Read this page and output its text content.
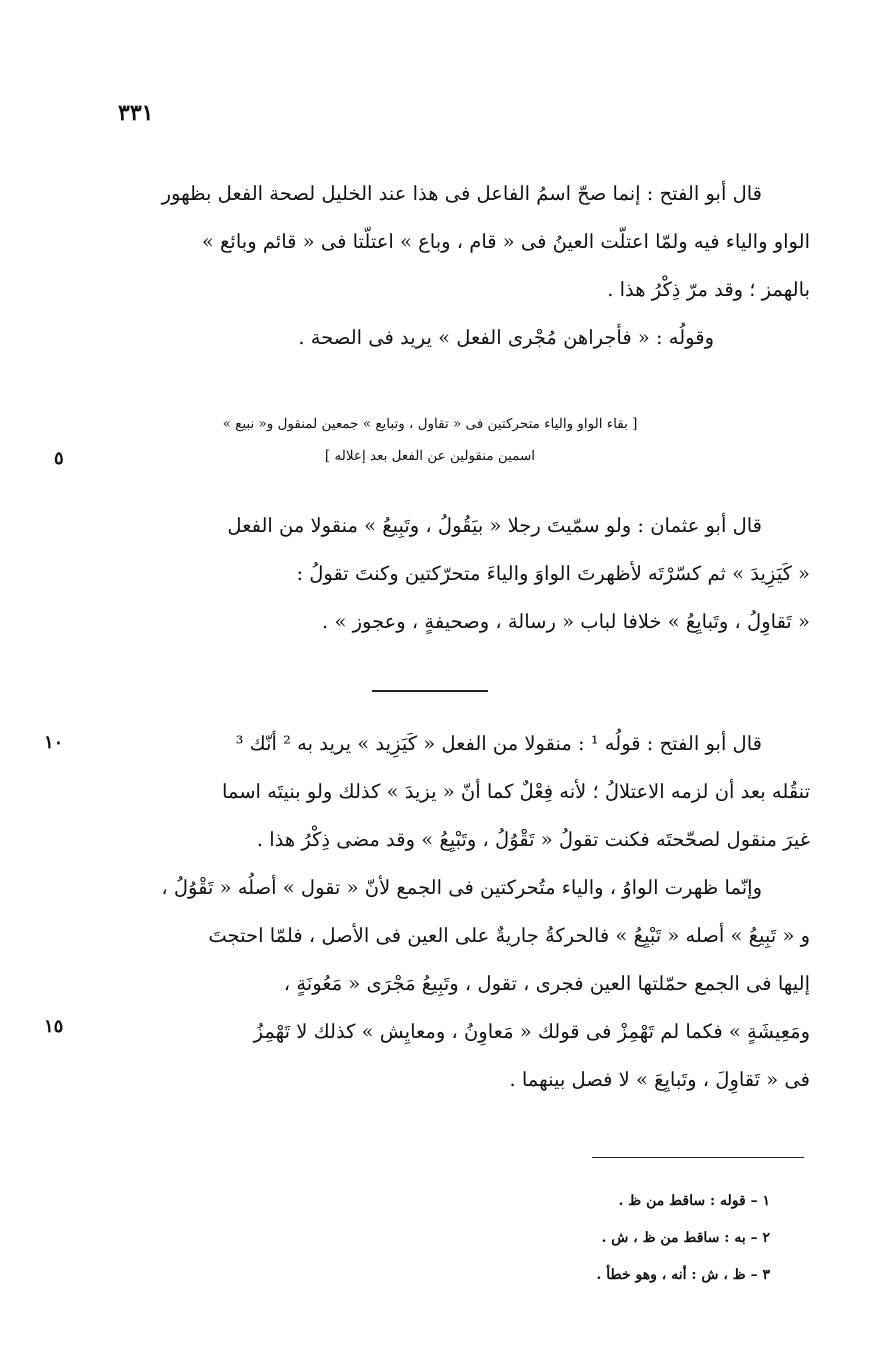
٣٣١
قال أبو الفتح : إنما صحّ اسمُ الفاعل فى هذا عند الخليل لصحة الفعل بظهور
الواو والياء فيه ولمّا اعتلّت العينُ فى « قام ، وباع » اعتلّتا فى « قائم وبائع »
بالهمز ؛ وقد مرّ ذِكْرُ هذا .
وقولُه : « فأجراهن مُجْرى الفعل » يريد فى الصحة .
[ بقاء الواو والياء متحركتين فى « تقاول ، وتبايع » جمعين لمنقول و« نبيع »
اسمين منقولين عن الفعل بعد إعلاله ]
٥
قال أبو عثمان : ولو سمّيتَ رجلا « بيَقُولُ ، وتَبِيعُ » منقولا من الفعل
« كَيَزِيدَ » ثم كسّرْتَه لأظهرتَ الواوَ والياءَ متحرّكتين وكنتَ تقولُ :
« تَقاوِلُ ، وتَبايِعُ » خلافا لباب « رسالة ، وصحيفةٍ ، وعجوز » .
١٠
١٥
قال أبو الفتح : قولُه ¹ : منقولا من الفعل « كَيَزِيد » يريد به ² أنّك ³
تنقُله بعد أن لزمه الاعتلالُ ؛ لأنه فِعْلٌ كما أنّ « يزيدَ » كذلك ولو بنيتَه اسما
غيرَ منقول لصحّحتَه فكنت تقولُ « تَقْوُلُ ، وتَبْيِعُ » وقد مضى ذِكْرُ هذا .
وإنّما ظهرت الواوُ ، والياء متُحركتين فى الجمع لأنّ « تقول » أصلُه « تَقْوُلُ ،
و « تَبِيعُ » أصله « تَبْيِعُ » فالحركةُ جاريةٌ على العين فى الأصل ، فلمّا احتجتَ
إليها فى الجمع حمّلتها العين فجرى ، تقول ، وتَبِيعُ مَجْرَى « مَعُونَةٍ ،
ومَعِيشَةٍ » فكما لم تَهْمِزْ فى قولك « مَعاوِنُ ، ومعايِش » كذلك لا تَهْمِزُ
فى « تَقاوِلَ ، وتَبايِعَ » لا فصل بينهما .
١ – قوله : ساقط من ظ .
٢ – به : ساقط من ظ ، ش .
٣ – ظ ، ش : أنه ، وهو خطأ .
